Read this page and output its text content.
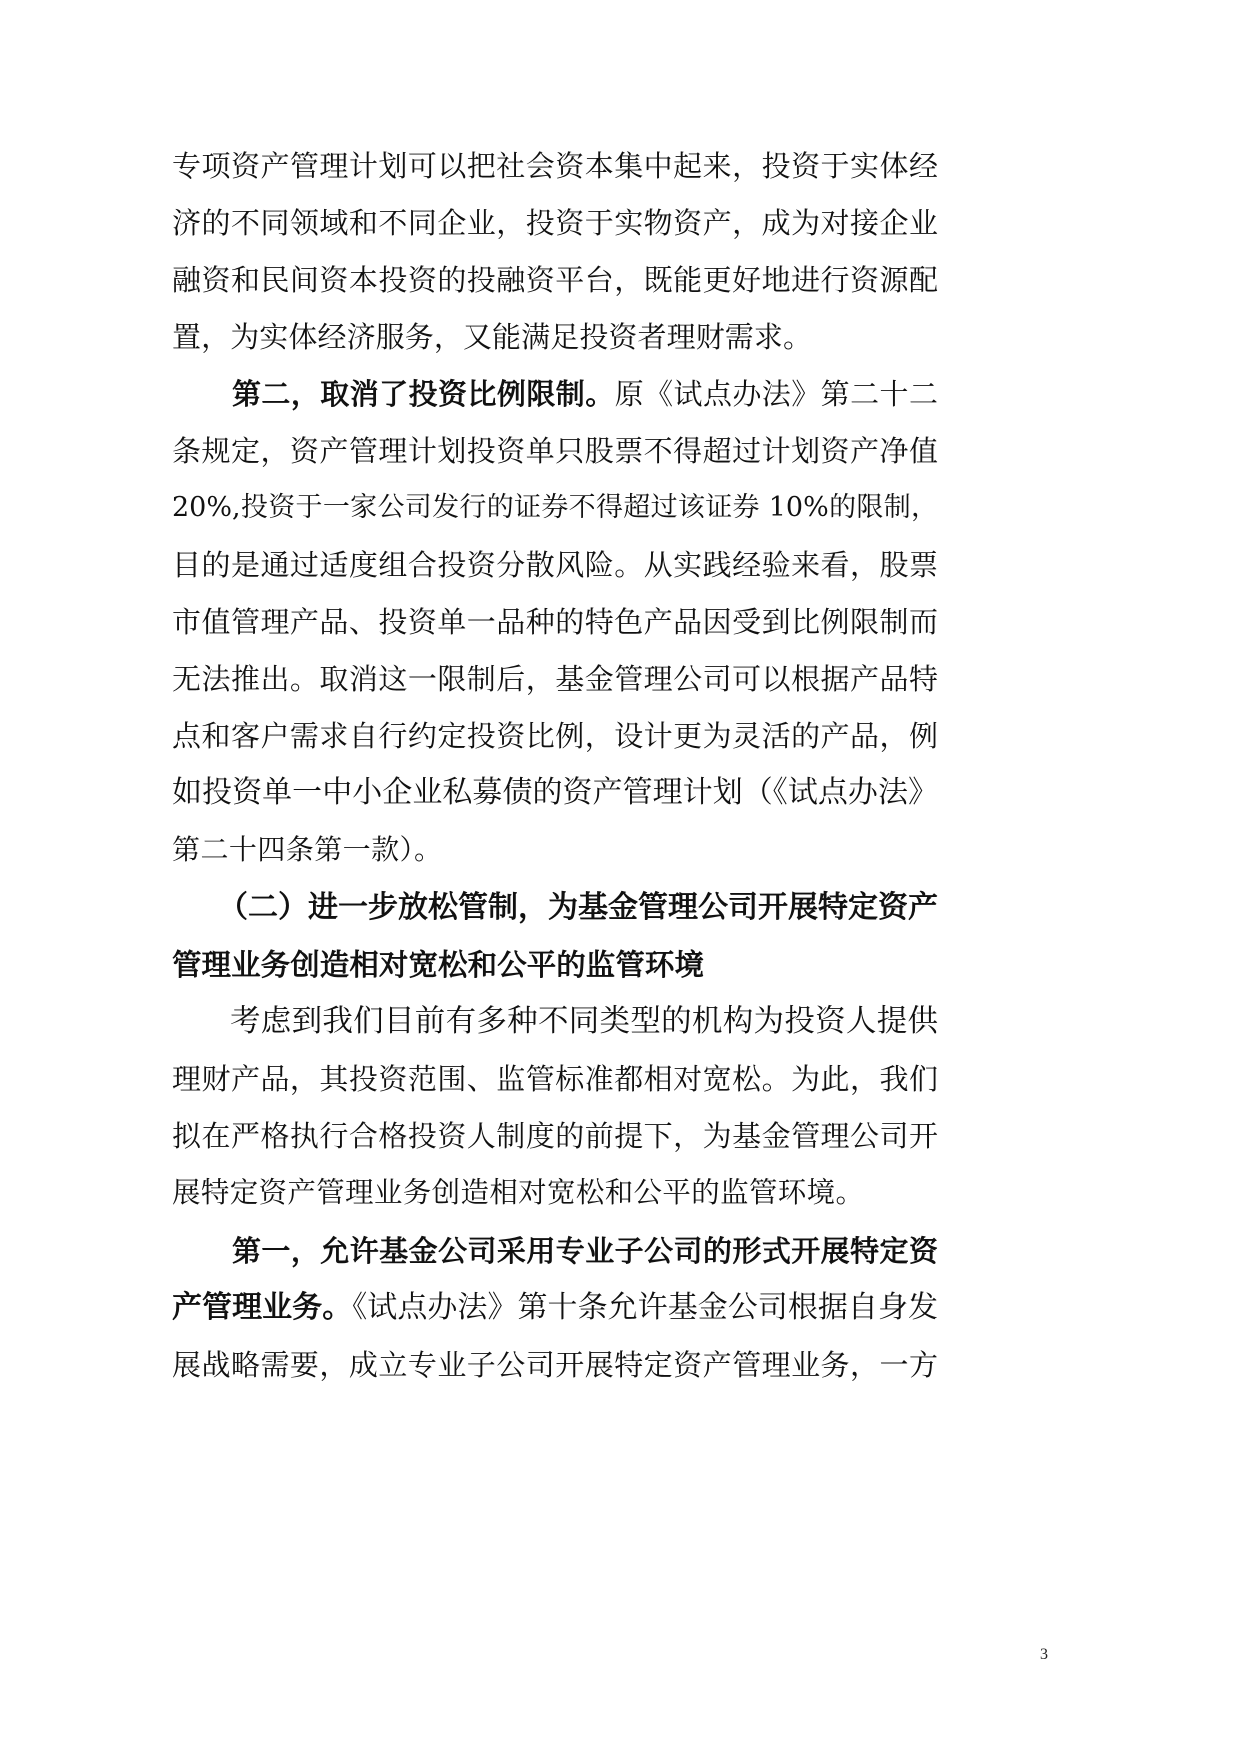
专项资产管理计划可以把社会资本集中起来，投资于实体经
济的不同领域和不同企业，投资于实物资产，成为对接企业
融资和民间资本投资的投融资平台，既能更好地进行资源配
置，为实体经济服务，又能满足投资者理财需求。
第二，取消了投资比例限制。原《试点办法》第二十二
条规定，资产管理计划投资单只股票不得超过计划资产净值
20%,投资于一家公司发行的证券不得超过该证券 10%的限制，
目的是通过适度组合投资分散风险。从实践经验来看，股票
市值管理产品、投资单一品种的特色产品因受到比例限制而
无法推出。取消这一限制后，基金管理公司可以根据产品特
点和客户需求自行约定投资比例，设计更为灵活的产品，例
如投资单一中小企业私募债的资产管理计划（《试点办法》
第二十四条第一款）。
（二）进一步放松管制，为基金管理公司开展特定资产
管理业务创造相对宽松和公平的监管环境
考虑到我们目前有多种不同类型的机构为投资人提供
理财产品，其投资范围、监管标准都相对宽松。为此，我们
拟在严格执行合格投资人制度的前提下，为基金管理公司开
展特定资产管理业务创造相对宽松和公平的监管环境。
第一，允许基金公司采用专业子公司的形式开展特定资
产管理业务。《试点办法》第十条允许基金公司根据自身发
展战略需要，成立专业子公司开展特定资产管理业务，一方

3
